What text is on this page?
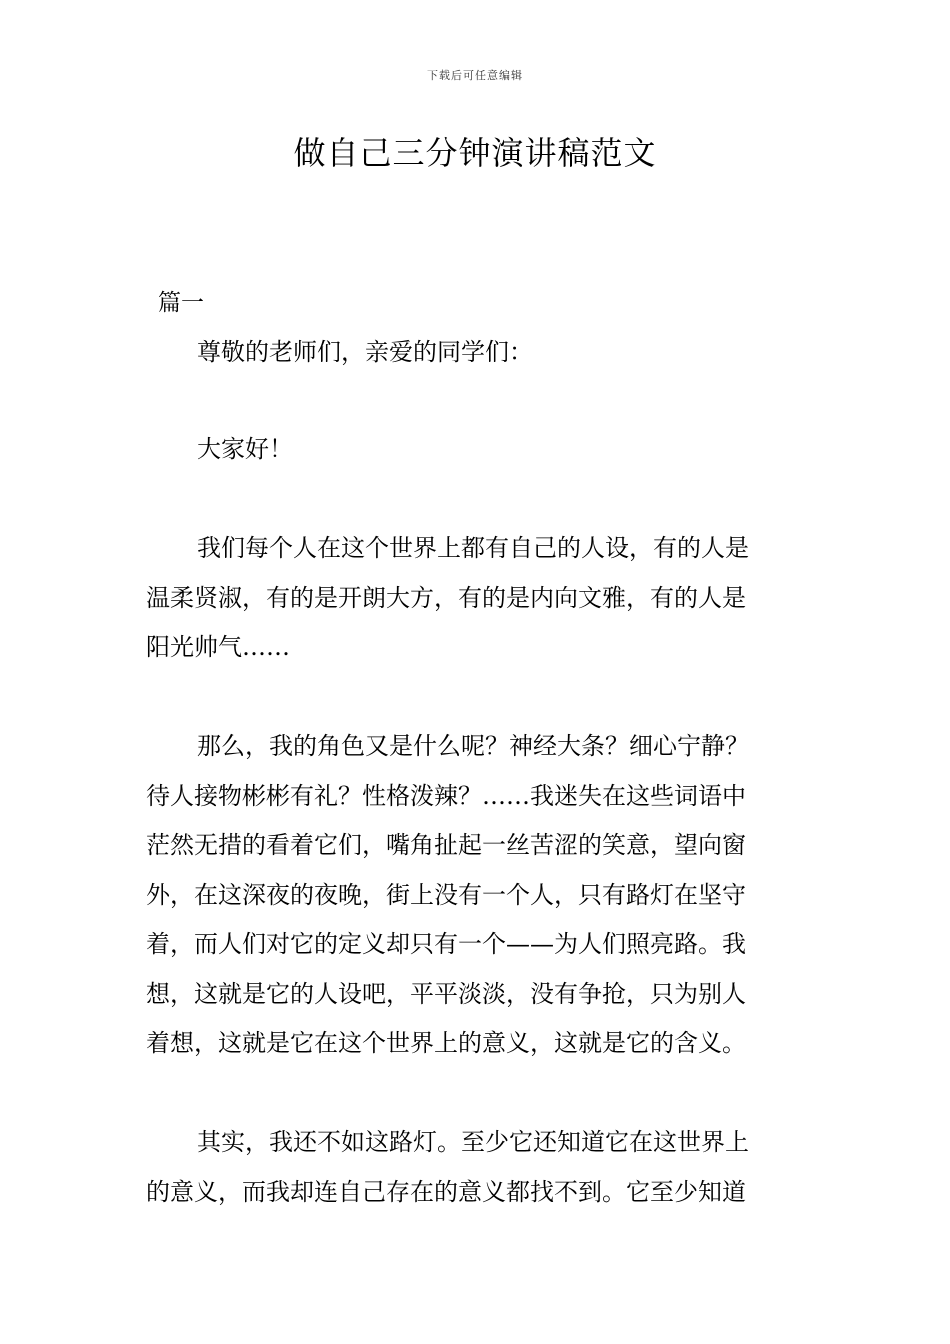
下载后可任意编辑
做自己三分钟演讲稿范文
篇一
尊敬的老师们，亲爱的同学们：
大家好！
我们每个人在这个世界上都有自己的人设，有的人是
温柔贤淑，有的是开朗大方，有的是内向文雅，有的人是
阳光帅气……
那么，我的角色又是什么呢？神经大条？细心宁静？
待人接物彬彬有礼？性格泼辣？……我迷失在这些词语中
茫然无措的看着它们，嘴角扯起一丝苦涩的笑意，望向窗
外，在这深夜的夜晚，街上没有一个人，只有路灯在坚守
着，而人们对它的定义却只有一个——为人们照亮路。我
想，这就是它的人设吧，平平淡淡，没有争抢，只为别人
着想，这就是它在这个世界上的意义，这就是它的含义。
其实，我还不如这路灯。至少它还知道它在这世界上
的意义，而我却连自己存在的意义都找不到。它至少知道
